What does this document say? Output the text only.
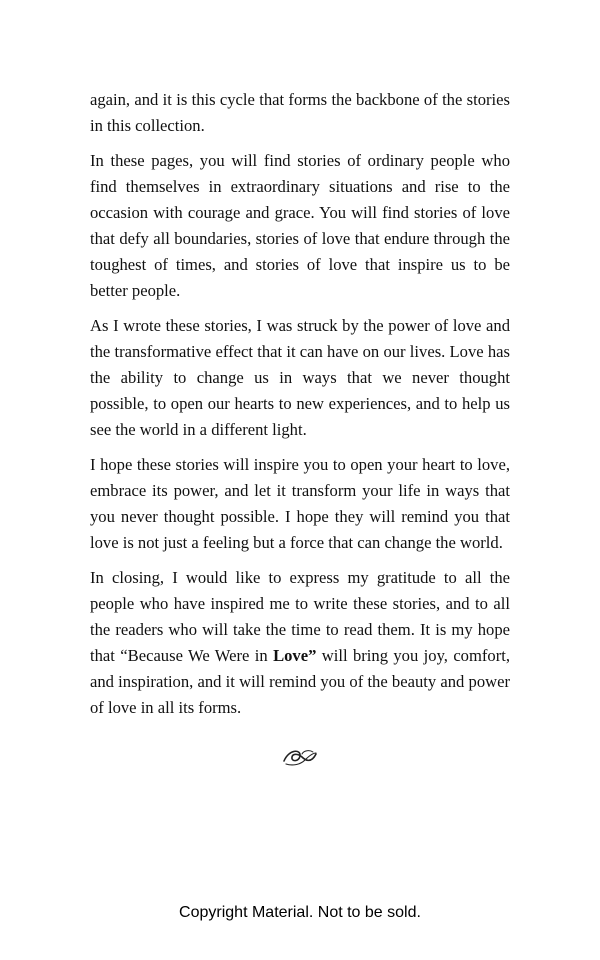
again, and it is this cycle that forms the backbone of the stories in this collection.

In these pages, you will find stories of ordinary people who find themselves in extraordinary situations and rise to the occasion with courage and grace. You will find stories of love that defy all boundaries, stories of love that endure through the toughest of times, and stories of love that inspire us to be better people.

As I wrote these stories, I was struck by the power of love and the transformative effect that it can have on our lives. Love has the ability to change us in ways that we never thought possible, to open our hearts to new experiences, and to help us see the world in a different light.

I hope these stories will inspire you to open your heart to love, embrace its power, and let it transform your life in ways that you never thought possible. I hope they will remind you that love is not just a feeling but a force that can change the world.

In closing, I would like to express my gratitude to all the people who have inspired me to write these stories, and to all the readers who will take the time to read them. It is my hope that “Because We Were in Love” will bring you joy, comfort, and inspiration, and it will remind you of the beauty and power of love in all its forms.

Copyright Material. Not to be sold.
